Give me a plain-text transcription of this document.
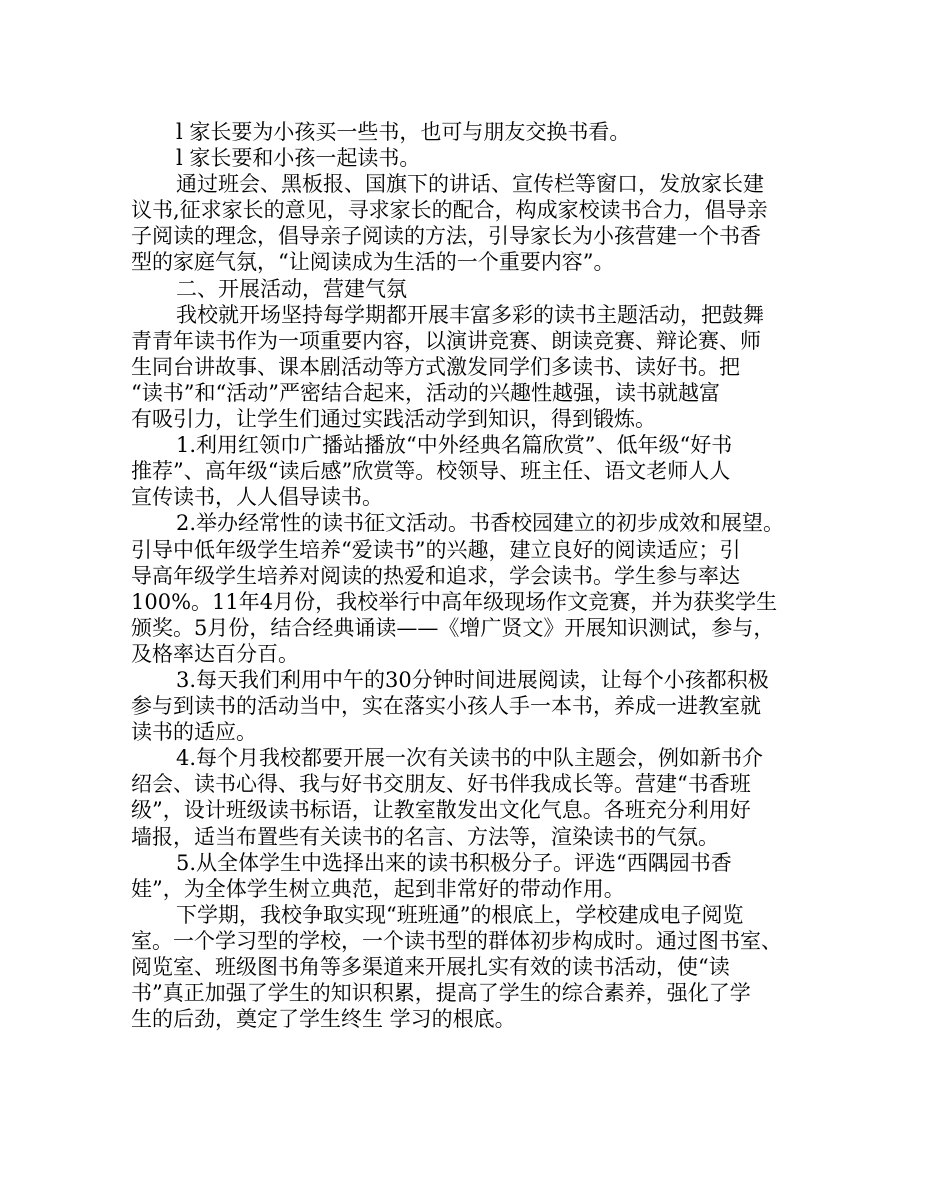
l 家长要为小孩买一些书，也可与朋友交换书看。
l 家长要和小孩一起读书。
通过班会、黑板报、国旗下的讲话、宣传栏等窗口，发放家长建
议书,征求家长的意见，寻求家长的配合，构成家校读书合力，倡导亲
子阅读的理念，倡导亲子阅读的方法，引导家长为小孩营建一个书香
型的家庭气氛，“让阅读成为生活的一个重要内容”。
二、开展活动，营建气氛
我校就开场坚持每学期都开展丰富多彩的读书主题活动，把鼓舞
青青年读书作为一项重要内容，以演讲竞赛、朗读竞赛、辩论赛、师
生同台讲故事、课本剧活动等方式激发同学们多读书、读好书。把
“读书”和“活动”严密结合起来，活动的兴趣性越强，读书就越富
有吸引力，让学生们通过实践活动学到知识，得到锻炼。
1.利用红领巾广播站播放“中外经典名篇欣赏”、低年级“好书
推荐”、高年级“读后感”欣赏等。校领导、班主任、语文老师人人
宣传读书，人人倡导读书。
2.举办经常性的读书征文活动。书香校园建立的初步成效和展望。
引导中低年级学生培养“爱读书”的兴趣，建立良好的阅读适应；引
导高年级学生培养对阅读的热爱和追求，学会读书。学生参与率达
100%。11年4月份，我校举行中高年级现场作文竞赛，并为获奖学生
颁奖。5月份，结合经典诵读——《增广贤文》开展知识测试，参与，
及格率达百分百。
3.每天我们利用中午的30分钟时间进展阅读，让每个小孩都积极
参与到读书的活动当中，实在落实小孩人手一本书，养成一进教室就
读书的适应。
4.每个月我校都要开展一次有关读书的中队主题会，例如新书介
绍会、读书心得、我与好书交朋友、好书伴我成长等。营建“书香班
级”，设计班级读书标语，让教室散发出文化气息。各班充分利用好
墙报，适当布置些有关读书的名言、方法等，渲染读书的气氛。
5.从全体学生中选择出来的读书积极分子。评选“西隅园书香
娃”，为全体学生树立典范，起到非常好的带动作用。
下学期，我校争取实现“班班通”的根底上，学校建成电子阅览
室。一个学习型的学校，一个读书型的群体初步构成时。通过图书室、
阅览室、班级图书角等多渠道来开展扎实有效的读书活动，使“读
书”真正加强了学生的知识积累，提高了学生的综合素养，强化了学
生的后劲，奠定了学生终生 学习的根底。
